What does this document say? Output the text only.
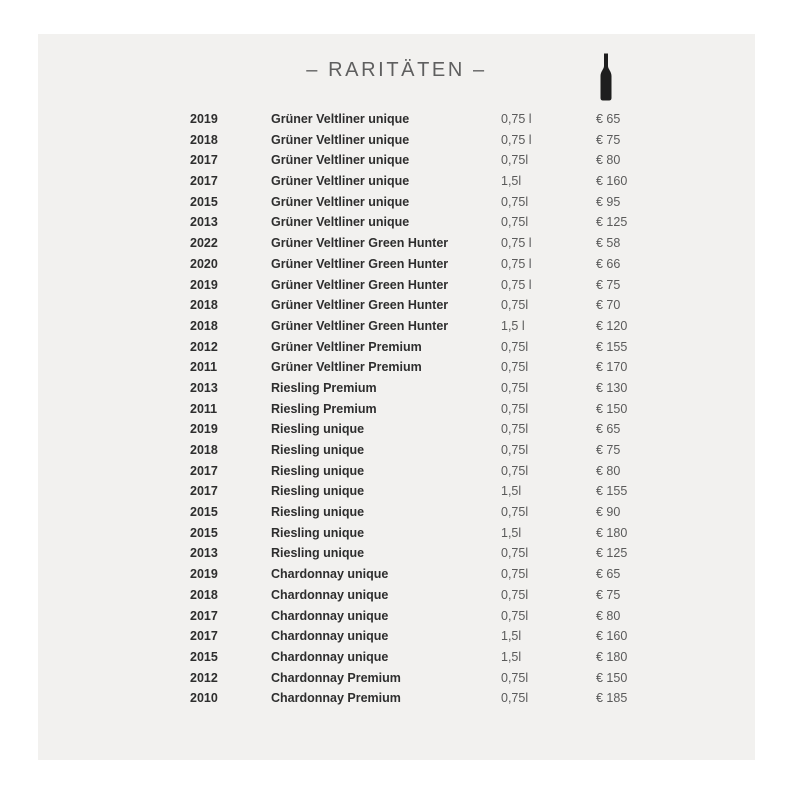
– RARITÄTEN –
2019	Grüner Veltliner unique	0,75 l	€ 65
2018	Grüner Veltliner unique	0,75 l	€ 75
2017	Grüner Veltliner unique	0,75l	€ 80
2017	Grüner Veltliner unique	1,5l	€ 160
2015	Grüner Veltliner unique	0,75l	€ 95
2013	Grüner Veltliner unique	0,75l	€ 125
2022	Grüner Veltliner Green Hunter	0,75 l	€ 58
2020	Grüner Veltliner Green Hunter	0,75 l	€ 66
2019	Grüner Veltliner Green Hunter	0,75 l	€ 75
2018	Grüner Veltliner Green Hunter	0,75l	€ 70
2018	Grüner Veltliner Green Hunter	1,5 l	€ 120
2012	Grüner Veltliner Premium	0,75l	€ 155
2011	Grüner Veltliner Premium	0,75l	€ 170
2013	Riesling Premium	0,75l	€ 130
2011	Riesling Premium	0,75l	€ 150
2019	Riesling unique	0,75l	€ 65
2018	Riesling unique	0,75l	€ 75
2017	Riesling unique	0,75l	€ 80
2017	Riesling unique	1,5l	€ 155
2015	Riesling unique	0,75l	€ 90
2015	Riesling unique	1,5l	€ 180
2013	Riesling unique	0,75l	€ 125
2019	Chardonnay unique	0,75l	€ 65
2018	Chardonnay unique	0,75l	€ 75
2017	Chardonnay unique	0,75l	€ 80
2017	Chardonnay unique	1,5l	€ 160
2015	Chardonnay unique	1,5l	€ 180
2012	Chardonnay Premium	0,75l	€ 150
2010	Chardonnay Premium	0,75l	€ 185
